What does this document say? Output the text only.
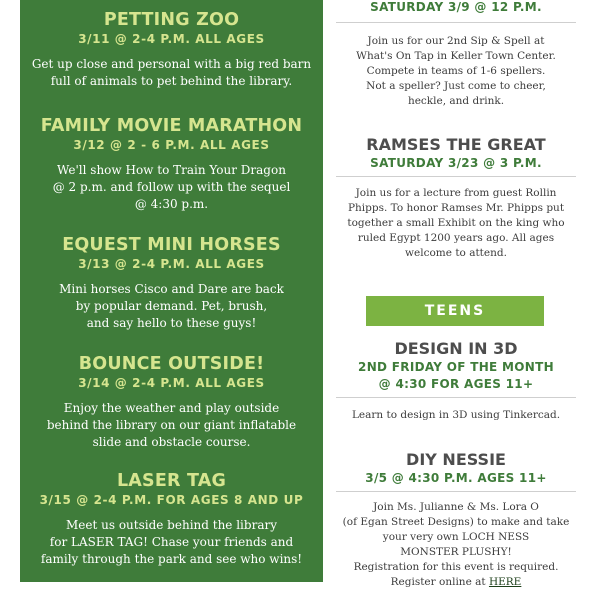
PETTING ZOO
3/11 @ 2-4 P.M. ALL AGES
Get up close and personal with a big red barn
full of animals to pet behind the library.
FAMILY MOVIE MARATHON
3/12 @ 2 - 6 P.M. ALL AGES
We'll show How to Train Your Dragon
@ 2 p.m. and follow up with the sequel
@ 4:30 p.m.
EQUEST MINI HORSES
3/13 @ 2-4 P.M. ALL AGES
Mini horses Cisco and Dare are back
by popular demand. Pet, brush,
and say hello to these guys!
BOUNCE OUTSIDE!
3/14 @ 2-4 P.M. ALL AGES
Enjoy the weather and play outside
behind the library on our giant inflatable
slide and obstacle course.
LASER TAG
3/15 @ 2-4 P.M. FOR AGES 8 AND UP
Meet us outside behind the library
for LASER TAG! Chase your friends and
family through the park and see who wins!
SATURDAY 3/9 @ 12 P.M.
Join us for our 2nd Sip & Spell at
What's On Tap in Keller Town Center.
Compete in teams of 1-6 spellers.
Not a speller? Just come to cheer,
heckle, and drink.
RAMSES THE GREAT
SATURDAY 3/23 @ 3 P.M.
Join us for a lecture from guest Rollin
Phipps. To honor Ramses Mr. Phipps put
together a small Exhibit on the king who
ruled Egypt 1200 years ago. All ages
welcome to attend.
TEENS
DESIGN IN 3D
2ND FRIDAY OF THE MONTH
@ 4:30 FOR AGES 11+
Learn to design in 3D using Tinkercad.
DIY NESSIE
3/5 @ 4:30 P.M. AGES 11+
Join Ms. Julianne & Ms. Lora O
(of Egan Street Designs) to make and take
your very own LOCH NESS
MONSTER PLUSHY!
Registration for this event is required.
Register online at HERE
